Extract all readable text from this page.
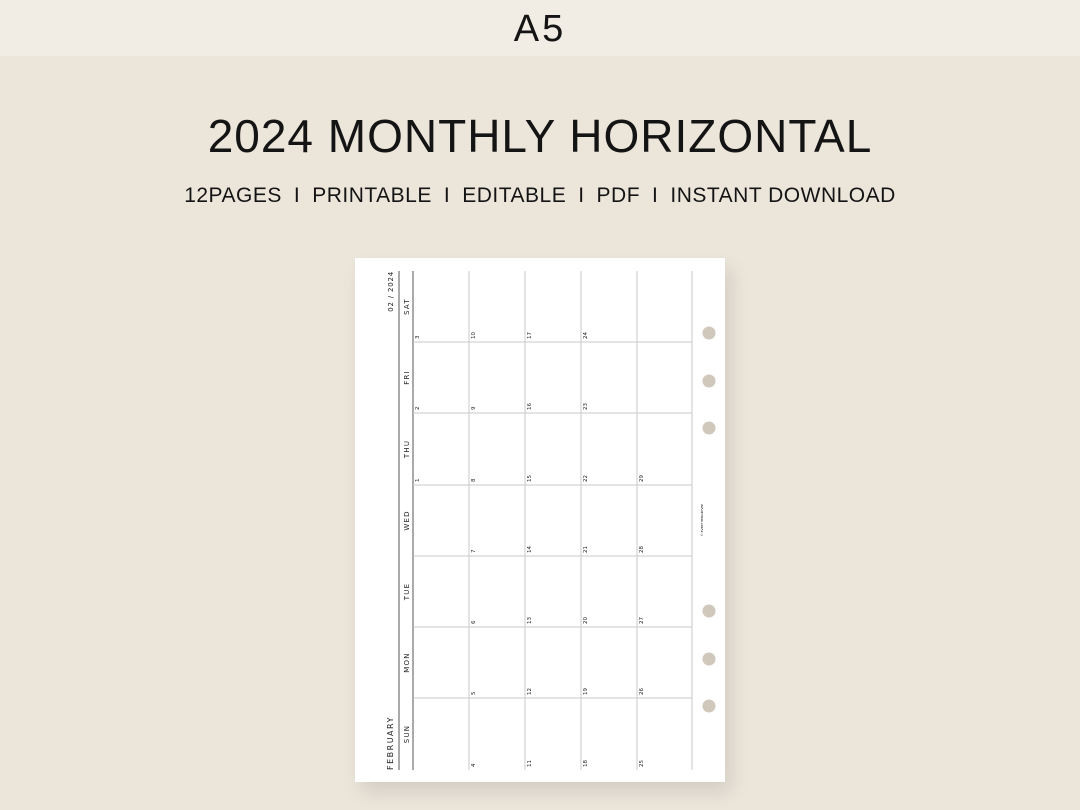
A5
2024 MONTHLY HORIZONTAL
12PAGES I PRINTABLE I EDITABLE I PDF I INSTANT DOWNLOAD
FEBRUARY
02 / 2024 SAT
FRI
THU
WED
TUE
MON
SUN
1
2
3
4
5
6
7
8
9
10
11
12
13
14
15
16
17
18
19
20
21
22
23
24
25
26
27
28
29
© EVERYTHINGBYVEE
